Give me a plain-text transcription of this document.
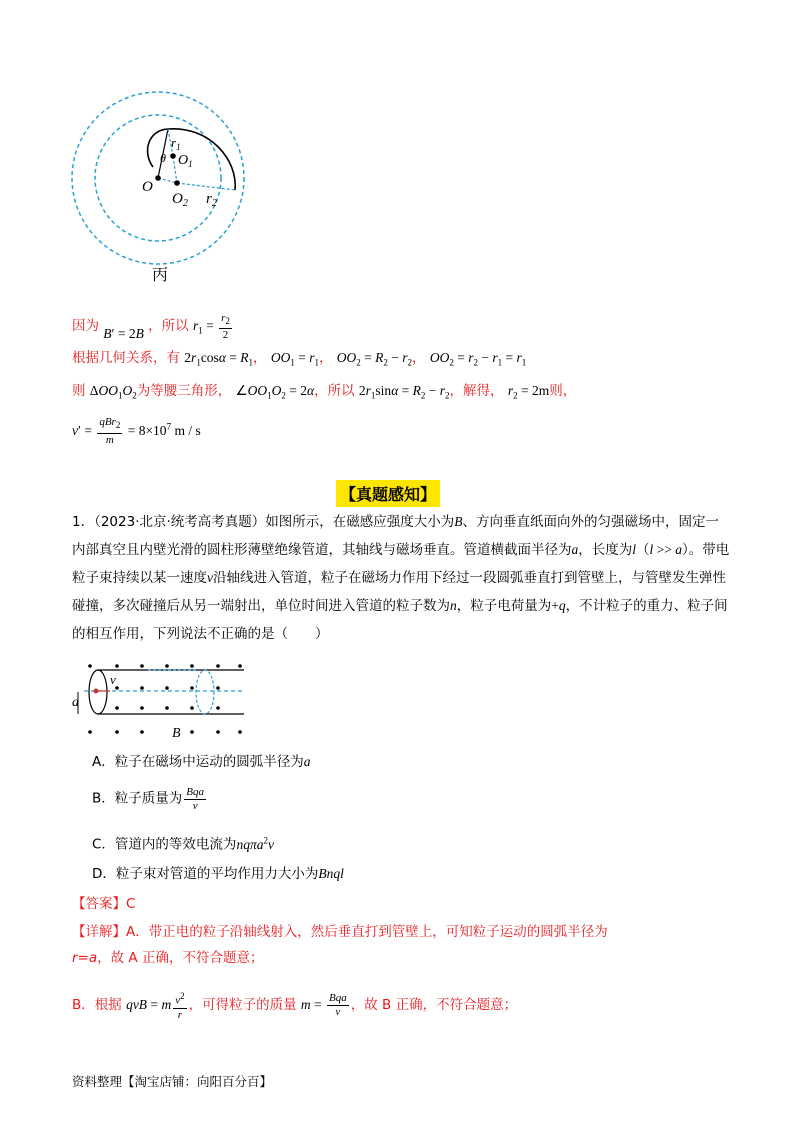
$r_1$
θ $O_1$
O
$O_2$ $r_2$
丙
因为 B′ = 2B ，所以 $r_1 = \frac{r_2}{2}$
根据几何关系，有 $2r_1\cos\alpha = R_1$， $OO_1 = r_1$， $OO_2 = R_2 - r_2$， $OO_2 = r_2 - r_1 = r_1$
则 $\Delta OO_1O_2$为等腰三角形， $\angle OO_1O_2 = 2\alpha$，所以 $2r_1\sin\alpha = R_2 - r_2$，解得， $r_2 = 2m$则，
$v' = \frac{qBr_2}{m} = 8\times 10^7$ m / s
【真题感知】
1．（2023·北京·统考高考真题）如图所示，在磁感应强度大小为B、方向垂直纸面向外的匀强磁场中，固定一内部真空且内壁光滑的圆柱形薄壁绝缘管道，其轴线与磁场垂直。管道横截面半径为a，长度为l（l >> a）。带电粒子束持续以某一速度v沿轴线进入管道，粒子在磁场力作用下经过一段圆弧垂直打到管壁上，与管壁发生弹性碰撞，多次碰撞后从另一端射出，单位时间进入管道的粒子数为n，粒子电荷量为+q，不计粒子的重力、粒子间的相互作用，下列说法不正确的是（　　）
v
a
B
A．粒子在磁场中运动的圆弧半径为a
B．粒子质量为 $\frac{\text{Bqa}}{v}$
C．管道内的等效电流为nqπa$^2$v
D．粒子束对管道的平均作用力大小为Bnql
【答案】C
【详解】A．带正电的粒子沿轴线射入，然后垂直打到管壁上，可知粒子运动的圆弧半径为
r=a，故 A 正确，不符合题意；
B．根据 qvB = m $\frac{v^2}{r}$ ，可得粒子的质量 $m = \frac{\text{Bqa}}{v}$ ，故 B 正确，不符合题意；
资料整理【淘宝店铺：向阳百分百】
